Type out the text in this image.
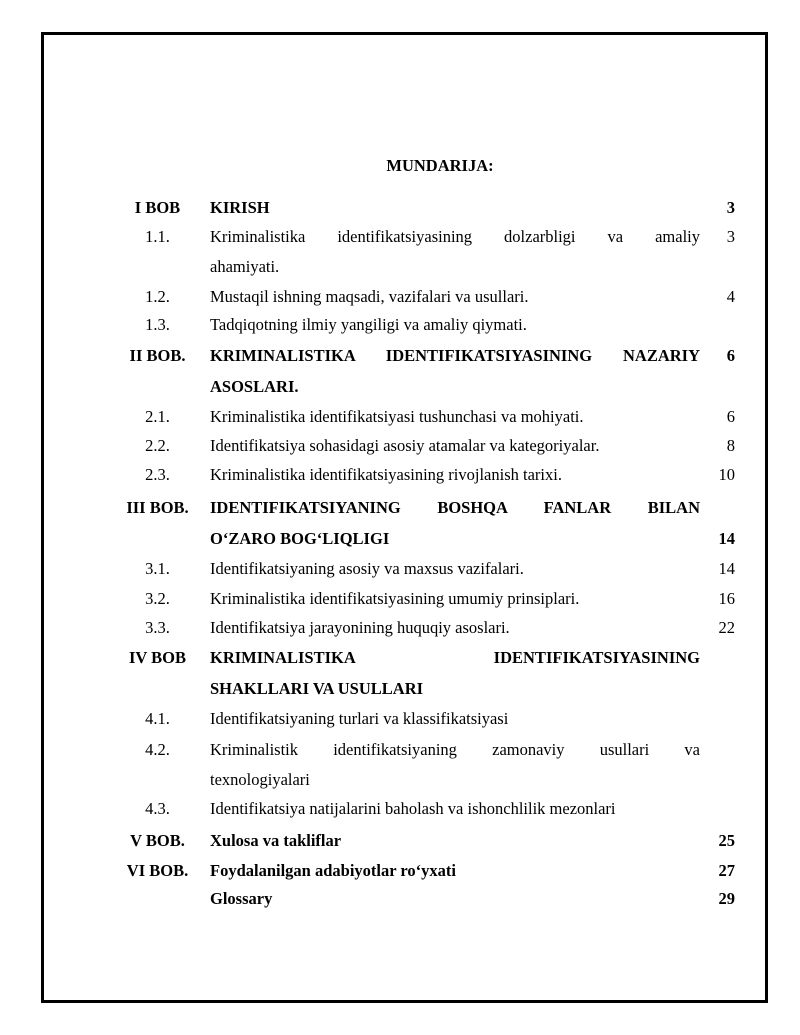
MUNDARIJA:
I BOB	KIRISH	3
1.1.	Kriminalistika identifikatsiyasining dolzarbligi va amaliy	3
ahamiyati.
1.2.	Mustaqil ishning maqsadi, vazifalari va usullari.	4
1.3.	Tadqiqotning ilmiy yangiligi va amaliy qiymati.
II BOB.	KRIMINALISTIKA IDENTIFIKATSIYASINING NAZARIY	6
ASOSLARI.
2.1.	Kriminalistika identifikatsiyasi tushunchasi va mohiyati.	6
2.2.	Identifikatsiya sohasidagi asosiy atamalar va kategoriyalar.	8
2.3.	Kriminalistika identifikatsiyasining rivojlanish tarixi.	10
III BOB.	IDENTIFIKATSIYANING BOSHQA FANLAR BILAN
O‘ZARO BOG‘LIQLIGI	14
3.1.	Identifikatsiyaning asosiy va maxsus vazifalari.	14
3.2.	Kriminalistika identifikatsiyasining umumiy prinsiplari.	16
3.3.	Identifikatsiya jarayonining huquqiy asoslari.	22
IV BOB	KRIMINALISTIKA IDENTIFIKATSIYASINING
SHAKLLARI VA USULLARI
4.1.	Identifikatsiyaning turlari va klassifikatsiyasi
4.2.	Kriminalistik identifikatsiyaning zamonaviy usullari va
texnologiyalari
4.3.	Identifikatsiya natijalarini baholash va ishonchlilik mezonlari
V BOB.	Xulosa va takliflar	25
VI BOB.	Foydalanilgan adabiyotlar ro‘yxati	27
Glossary	29
